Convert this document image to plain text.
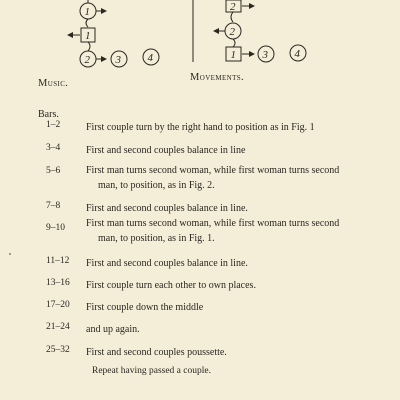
1
1
2 3 4
2
2
1 3 4
Music.
Movements.
Bars.
1–2	First couple turn by the right hand to position as in Fig. 1
3–4	First and second couples balance in line
5–6	First man turns second woman, while first woman turns second
man, to position, as in Fig. 2.
7–8	First and second couples balance in line.
9–10 First man turns second woman, while first woman turns second
man, to position, as in Fig. 1.
11–12 First and second couples balance in line.
13–16 First couple turn each other to own places.
17–20 First couple down the middle
21–24 and up again.
25–32 First and second couples poussette.
Repeat having passed a couple.
